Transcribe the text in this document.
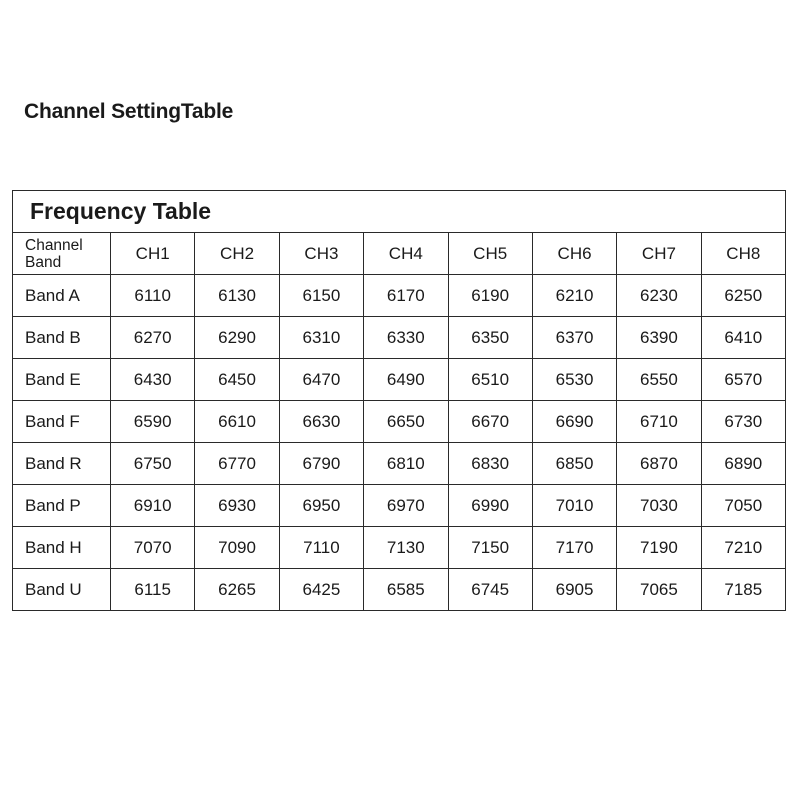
Channel SettingTable
Frequency Table								

Channel
Band	CH1	CH2	CH3	CH4	CH5	CH6	CH7	CH8
Band A	6110	6130	6150	6170	6190	6210	6230	6250
Band B	6270	6290	6310	6330	6350	6370	6390	6410
Band E	6430	6450	6470	6490	6510	6530	6550	6570
Band F	6590	6610	6630	6650	6670	6690	6710	6730
Band R	6750	6770	6790	6810	6830	6850	6870	6890
Band P	6910	6930	6950	6970	6990	7010	7030	7050
Band H	7070	7090	7110	7130	7150	7170	7190	7210
Band U	6115	6265	6425	6585	6745	6905	7065	7185
